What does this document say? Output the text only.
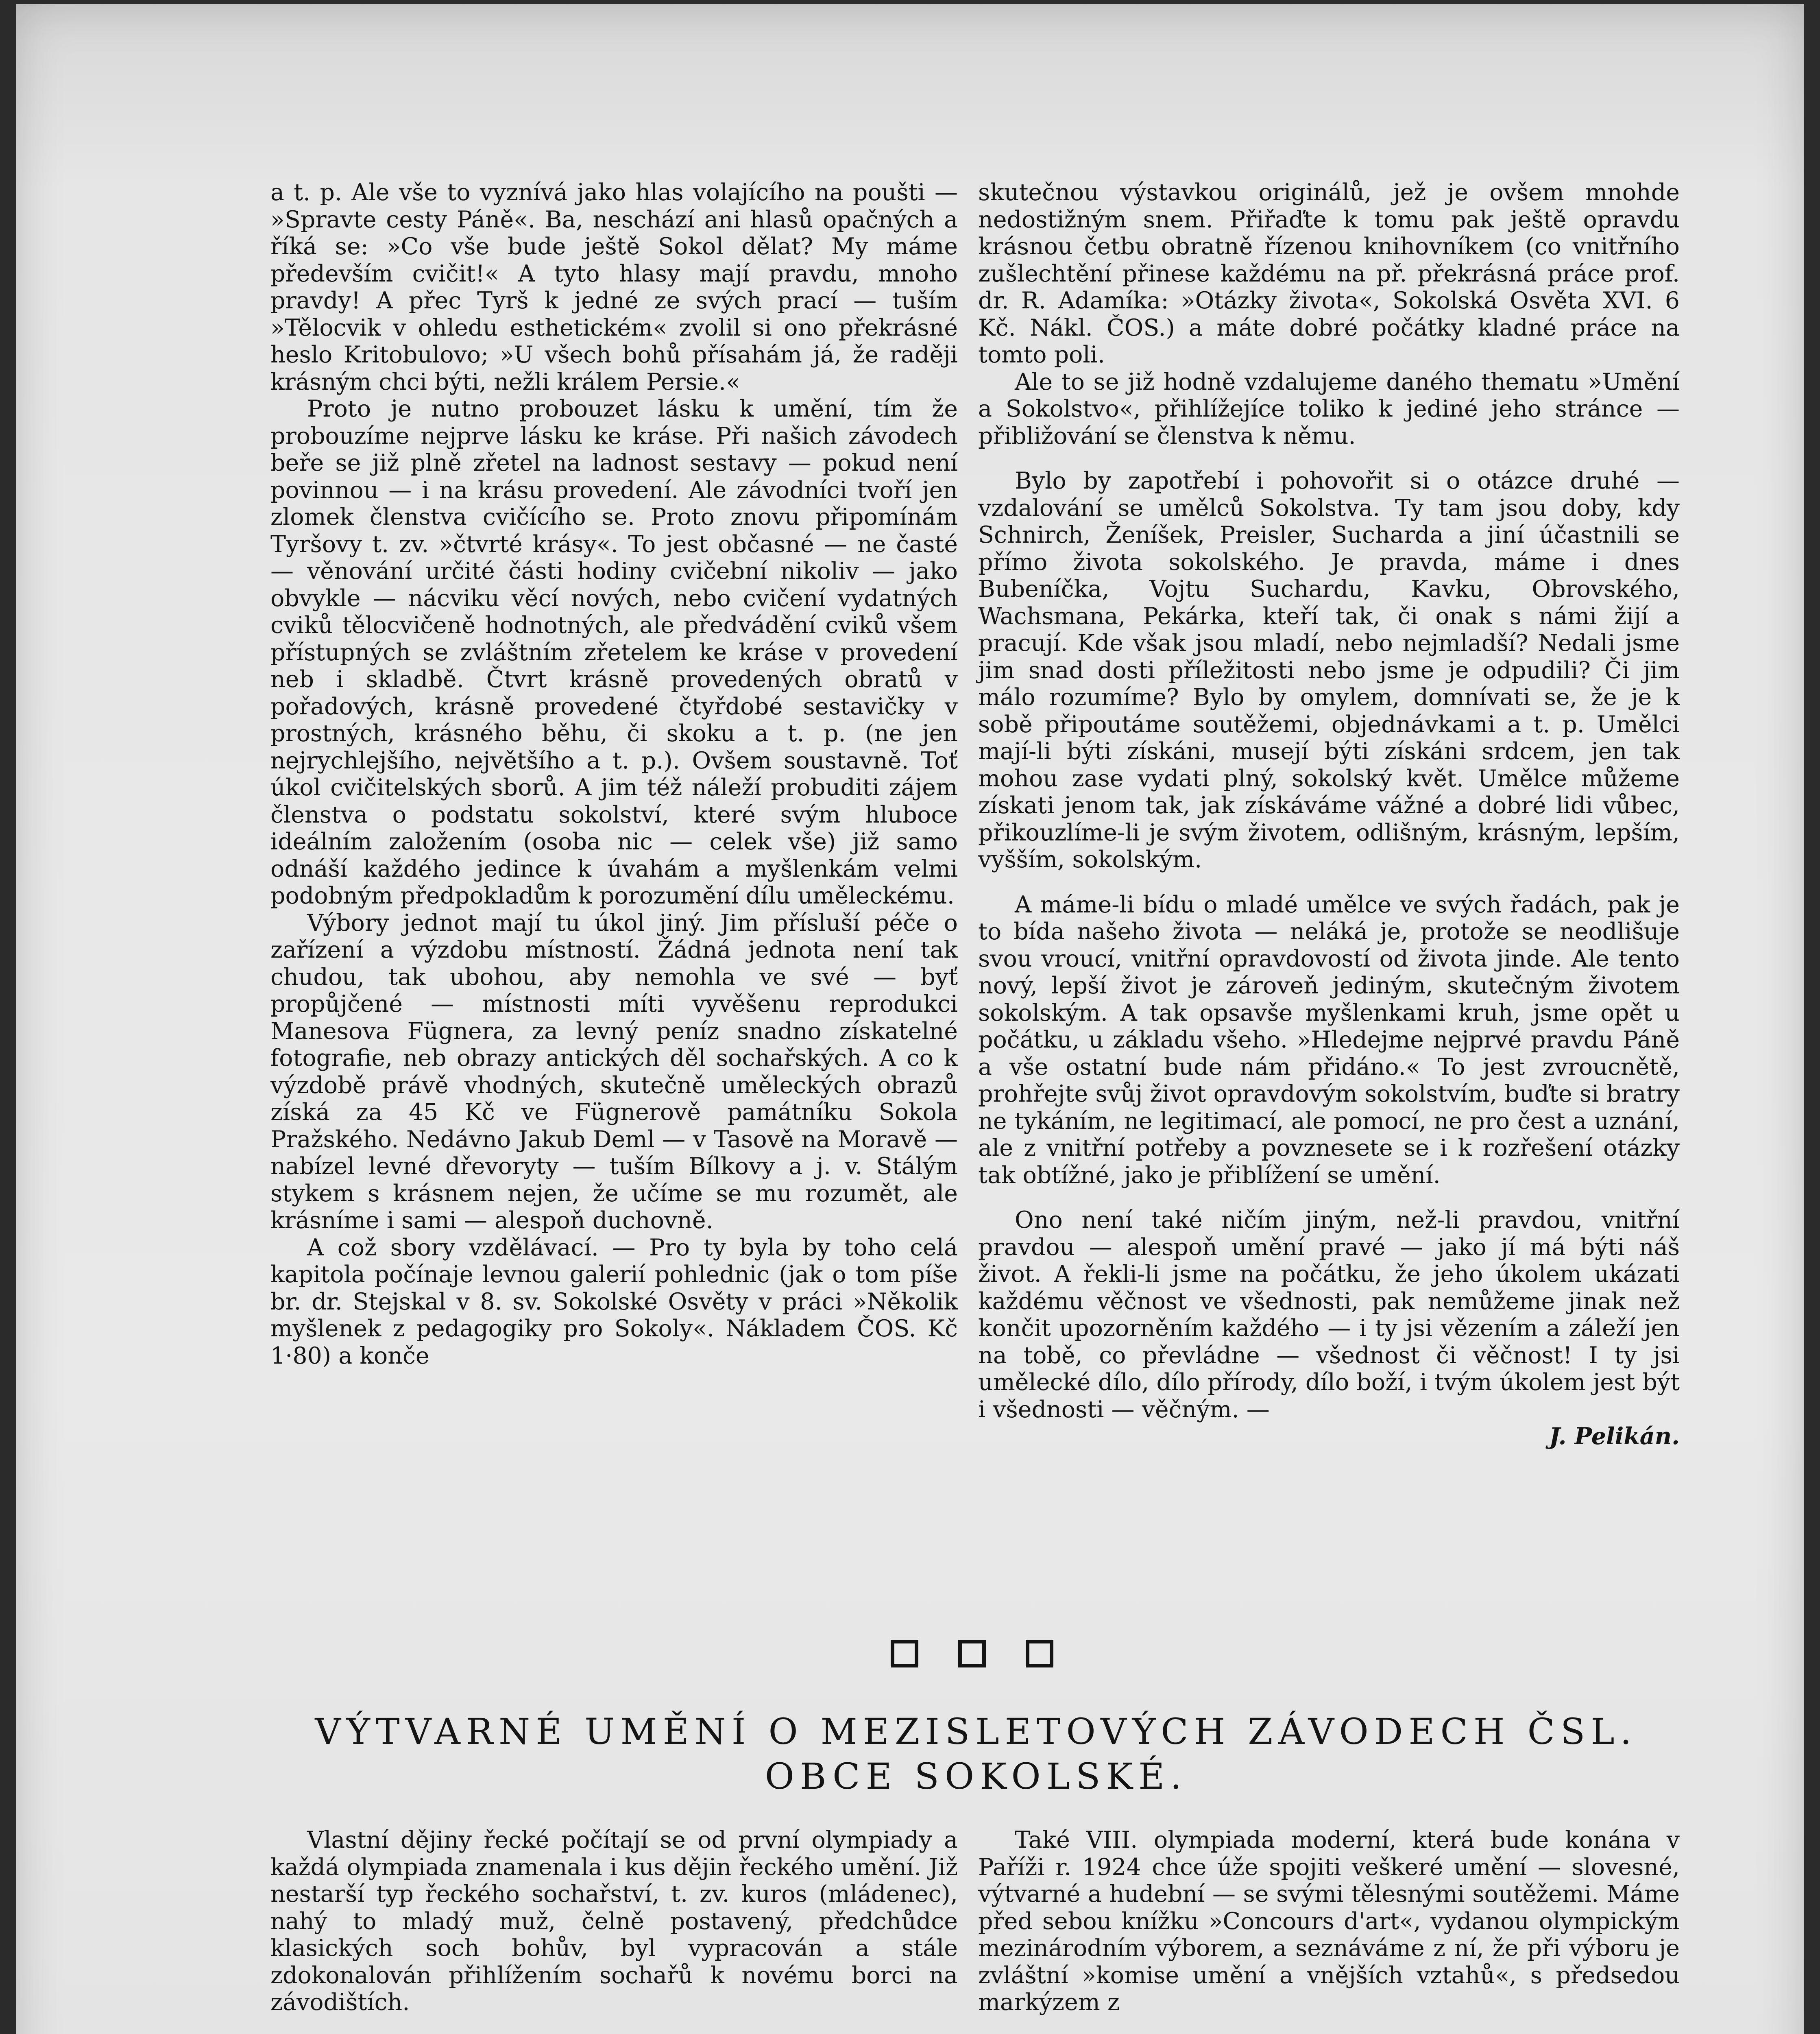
a t. p. Ale vše to vyznívá jako hlas volajícího na poušti — »Spravte cesty Páně«. Ba, neschází ani hlasů opačných a říká se: »Co vše bude ještě Sokol dělat? My máme především cvičit!« A tyto hlasy mají pravdu, mnoho pravdy! A přec Tyrš k jedné ze svých prací — tuším »Tělocvik v ohledu esthetickém« zvolil si ono překrásné heslo Kritobulovo; »U všech bohů přísahám já, že raději krásným chci býti, nežli králem Persie.«

Proto je nutno probouzet lásku k umění, tím že probouzíme nejprve lásku ke kráse. Při našich závodech beře se již plně zřetel na ladnost sestavy — pokud není povinnou — i na krásu provedení. Ale závodníci tvoří jen zlomek členstva cvičícího se. Proto znovu připomínám Tyršovy t. zv. »čtvrté krásy«. To jest občasné — ne časté — věnování určité části hodiny cvičební nikoliv — jako obvykle — nácviku věcí nových, nebo cvičení vydatných cviků tělocvičeně hodnotných, ale předvádění cviků všem přístupných se zvláštním zřetelem ke kráse v provedení neb i skladbě. Čtvrt krásně provedených obratů v pořadových, krásně provedené čtyřdobé sestavičky v prostných, krásného běhu, či skoku a t. p. (ne jen nejrychlejšího, největšího a t. p.). Ovšem soustavně. Toť úkol cvičitelských sborů. A jim též náleží probuditi zájem členstva o podstatu sokolství, které svým hluboce ideálním založením (osoba nic — celek vše) již samo odnáší každého jedince k úvahám a myšlenkám velmi podobným předpokladům k porozumění dílu uměleckému.

Výbory jednot mají tu úkol jiný. Jim přísluší péče o zařízení a výzdobu místností. Žádná jednota není tak chudou, tak ubohou, aby nemohla ve své — byť propůjčené — místnosti míti vyvěšenu reprodukci Manesova Fügnera, za levný peníz snadno získatelné fotografie, neb obrazy antických děl sochařských. A co k výzdobě právě vhodných, skutečně uměleckých obrazů získá za 45 Kč ve Fügnerově památníku Sokola Pražského. Nedávno Jakub Deml — v Tasově na Moravě — nabízel levné dřevoryty — tuším Bílkovy a j. v. Stálým stykem s krásnem nejen, že učíme se mu rozumět, ale krásníme i sami — alespoň duchovně.

A což sbory vzdělávací. — Pro ty byla by toho celá kapitola počínaje levnou galerií pohlednic (jak o tom píše br. dr. Stejskal v 8. sv. Sokolské Osvěty v práci »Několik myšlenek z pedagogiky pro Sokoly«. Nákladem ČOS. Kč 1·80) a konče

skutečnou výstavkou originálů, jež je ovšem mnohde nedostižným snem. Přiřaďte k tomu pak ještě opravdu krásnou četbu obratně řízenou knihovníkem (co vnitřního zušlechtění přinese každému na př. překrásná práce prof. dr. R. Adamíka: »Otázky života«, Sokolská Osvěta XVI. 6 Kč. Nákl. ČOS.) a máte dobré počátky kladné práce na tomto poli.

Ale to se již hodně vzdalujeme daného thematu »Umění a Sokolstvo«, přihlížejíce toliko k jediné jeho stránce — přibližování se členstva k němu.

Bylo by zapotřebí i pohovořit si o otázce druhé — vzdalování se umělců Sokolstva. Ty tam jsou doby, kdy Schnirch, Ženíšek, Preisler, Sucharda a jiní účastnili se přímo života sokolského. Je pravda, máme i dnes Bubeníčka, Vojtu Suchardu, Kavku, Obrovského, Wachsmana, Pekárka, kteří tak, či onak s námi žijí a pracují. Kde však jsou mladí, nebo nejmladší? Nedali jsme jim snad dosti příležitosti nebo jsme je odpudili? Či jim málo rozumíme? Bylo by omylem, domnívati se, že je k sobě připoutáme soutěžemi, objednávkami a t. p. Umělci mají-li býti získáni, musejí býti získáni srdcem, jen tak mohou zase vydati plný, sokolský květ. Umělce můžeme získati jenom tak, jak získáváme vážné a dobré lidi vůbec, přikouzlíme-li je svým životem, odlišným, krásným, lepším, vyšším, sokolským.

A máme-li bídu o mladé umělce ve svých řadách, pak je to bída našeho života — neláká je, protože se neodlišuje svou vroucí, vnitřní opravdovostí od života jinde. Ale tento nový, lepší život je zároveň jediným, skutečným životem sokolským. A tak opsavše myšlenkami kruh, jsme opět u počátku, u základu všeho. »Hledejme nejprvé pravdu Páně a vše ostatní bude nám přidáno.« To jest zvroucnětě, prohřejte svůj život opravdovým sokolstvím, buďte si bratry ne tykáním, ne legitimací, ale pomocí, ne pro čest a uznání, ale z vnitřní potřeby a povznesete se i k rozřešení otázky tak obtížné, jako je přiblížení se umění.

Ono není také ničím jiným, než-li pravdou, vnitřní pravdou — alespoň umění pravé — jako jí má býti náš život. A řekli-li jsme na počátku, že jeho úkolem ukázati každému věčnost ve všednosti, pak nemůžeme jinak než končit upozorněním každého — i ty jsi vězením a záleží jen na tobě, co převládne — všednost či věčnost! I ty jsi umělecké dílo, dílo přírody, dílo boží, i tvým úkolem jest být i všednosti — věčným. —

J. Pelikán.
VÝTVARNÉ UMĚNÍ O MEZISLETOVÝCH ZÁVODECH ČSL.
OBCE SOKOLSKÉ.

Vlastní dějiny řecké počítají se od první olympiady a každá olympiada znamenala i kus dějin řeckého umění. Již nestarší typ řeckého sochařství, t. zv. kuros (mládenec), nahý to mladý muž, čelně postavený, předchůdce klasických soch bohův, byl vypracován a stále zdokonalován přihlížením sochařů k novému borci na závodištích.

Také VIII. olympiada moderní, která bude konána v Paříži r. 1924 chce úže spojiti veškeré umění — slovesné, výtvarné a hudební — se svými tělesnými soutěžemi. Máme před sebou knížku »Concours d'art«, vydanou olympickým mezinárodním výborem, a seznáváme z ní, že při výboru je zvláštní »komise umění a vnějších vztahů«, s předsedou markýzem z
